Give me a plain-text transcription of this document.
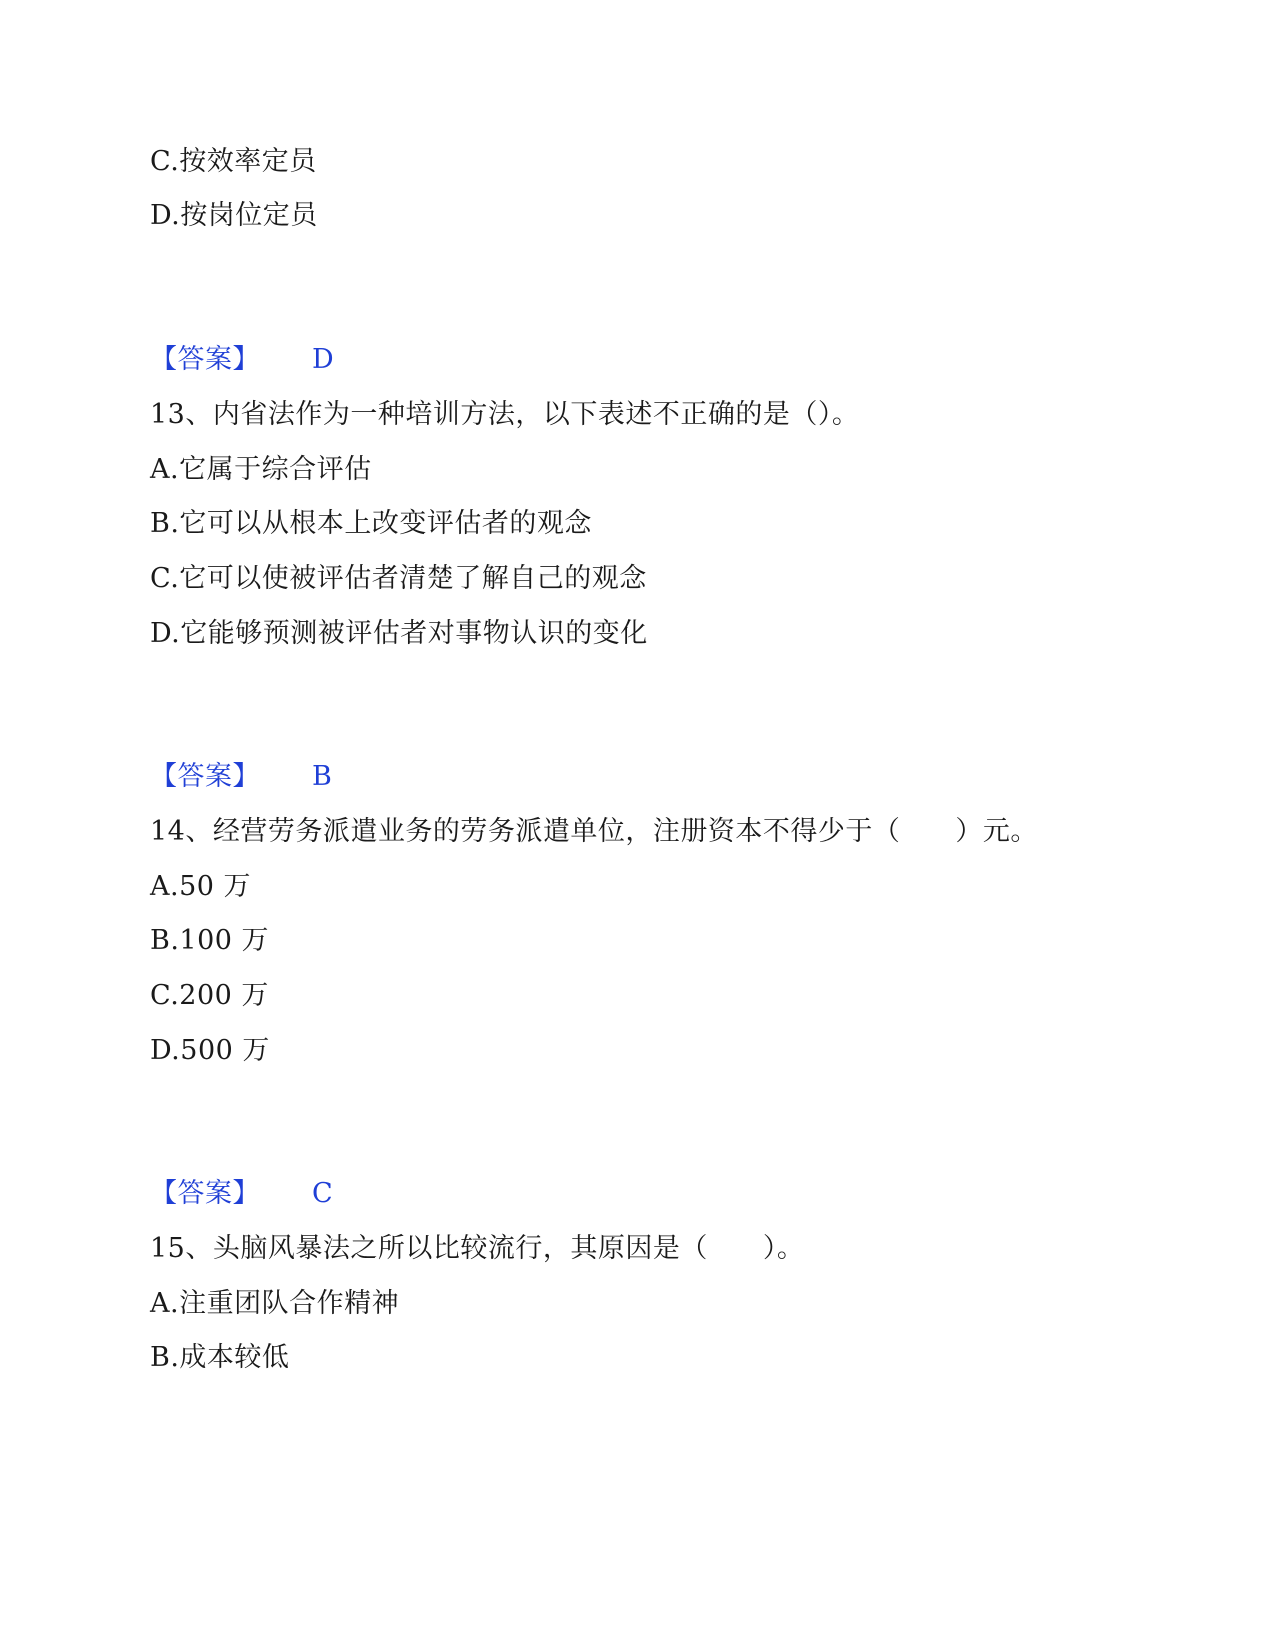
C.按效率定员
D.按岗位定员
【答案】 D
13、内省法作为一种培训方法，以下表述不正确的是（）。
A.它属于综合评估
B.它可以从根本上改变评估者的观念
C.它可以使被评估者清楚了解自己的观念
D.它能够预测被评估者对事物认识的变化
【答案】 B
14、经营劳务派遣业务的劳务派遣单位，注册资本不得少于（　　）元。
A.50 万
B.100 万
C.200 万
D.500 万
【答案】 C
15、头脑风暴法之所以比较流行，其原因是（　　）。
A.注重团队合作精神
B.成本较低
